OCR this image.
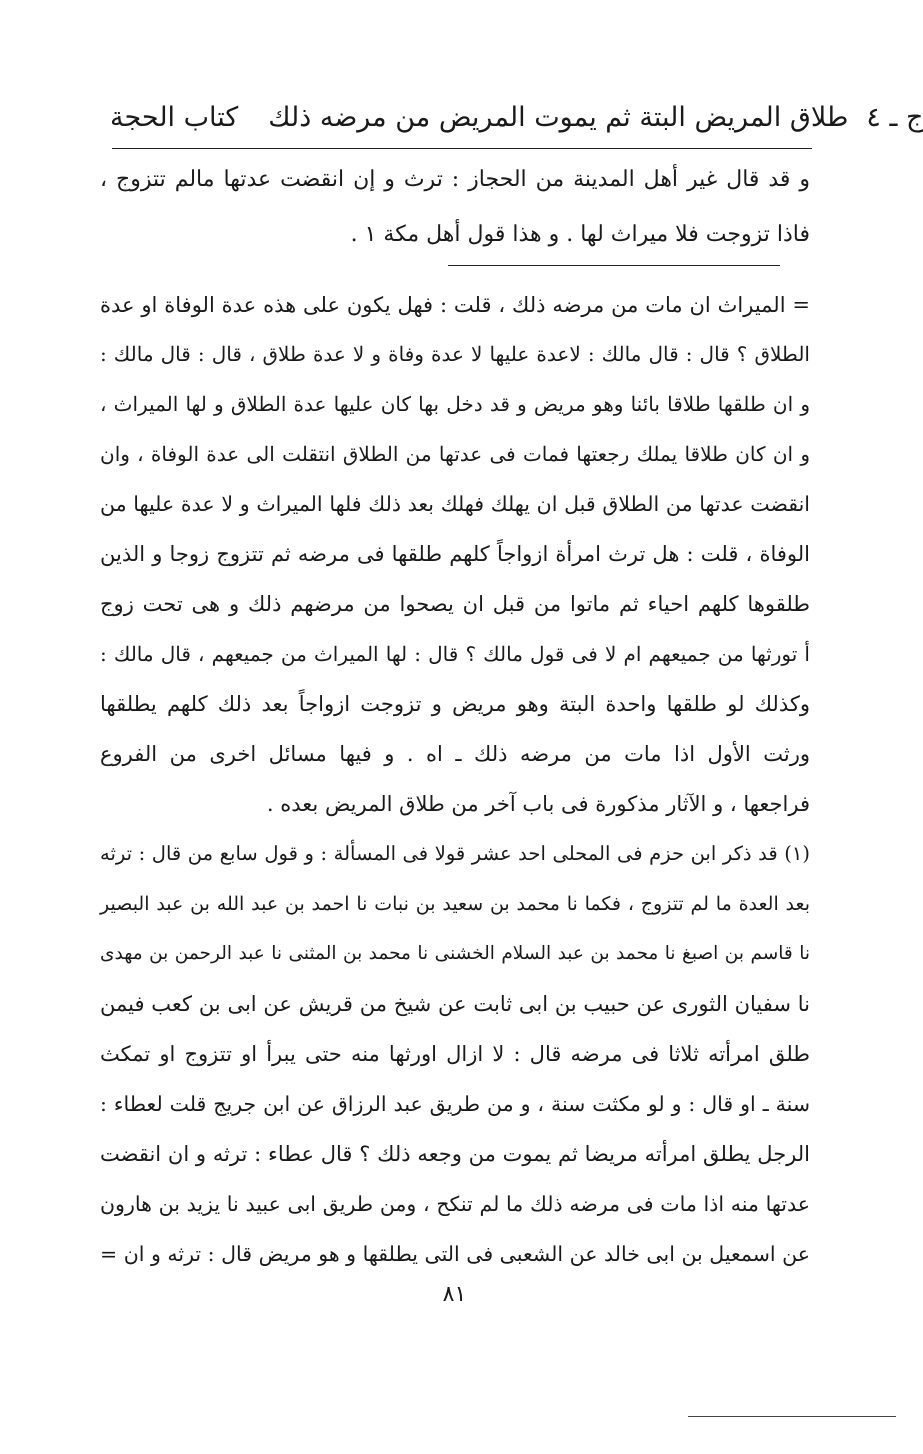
كتاب الحجة طلاق المريض البتة ثم يموت المريض من مرضه ذلك ج ـ ٤
و قد قال غير أهل المدينة من الحجاز : ترث و إن انقضت عدتها مالم تتزوج ،
فاذا تزوجت فلا ميراث لها . و هذا قول أهل مكة ١ .
= الميراث ان مات من مرضه ذلك ، قلت : فهل يكون على هذه عدة الوفاة او عدة
الطلاق ؟ قال : قال مالك : لاعدة عليها لا عدة وفاة و لا عدة طلاق ، قال : قال مالك :
و ان طلقها طلاقا بائنا وهو مريض و قد دخل بها كان عليها عدة الطلاق و لها الميراث ،
و ان كان طلاقا يملك رجعتها فمات فى عدتها من الطلاق انتقلت الى عدة الوفاة ، وان
انقضت عدتها من الطلاق قبل ان يهلك فهلك بعد ذلك فلها الميراث و لا عدة عليها من
الوفاة ، قلت : هل ترث امرأة ازواجاً كلهم طلقها فى مرضه ثم تتزوج زوجا و الذين
طلقوها كلهم احياء ثم ماتوا من قبل ان يصحوا من مرضهم ذلك و هى تحت زوج
أ تورثها من جميعهم ام لا فى قول مالك ؟ قال : لها الميراث من جميعهم ، قال مالك :
وكذلك لو طلقها واحدة البتة وهو مريض و تزوجت ازواجاً بعد ذلك كلهم يطلقها
ورثت الأول اذا مات من مرضه ذلك ـ اه . و فيها مسائل اخرى من الفروع
فراجعها ، و الآثار مذكورة فى باب آخر من طلاق المريض بعده .
(١) قد ذكر ابن حزم فى المحلى احد عشر قولا فى المسألة : و قول سابع من قال : ترثه
بعد العدة ما لم تتزوج ، فكما نا محمد بن سعيد بن نبات نا احمد بن عبد الله بن عبد البصير
نا قاسم بن اصبغ نا محمد بن عبد السلام الخشنى نا محمد بن المثنى نا عبد الرحمن بن مهدى
نا سفيان الثورى عن حبيب بن ابى ثابت عن شيخ من قريش عن ابى بن كعب فيمن
طلق امرأته ثلاثا فى مرضه قال : لا ازال اورثها منه حتى يبرأ او تتزوج او تمكث
سنة ـ او قال : و لو مكثت سنة ، و من طريق عبد الرزاق عن ابن جريج قلت لعطاء :
الرجل يطلق امرأته مريضا ثم يموت من وجعه ذلك ؟ قال عطاء : ترثه و ان انقضت
عدتها منه اذا مات فى مرضه ذلك ما لم تنكح ، ومن طريق ابى عبيد نا يزيد بن هارون
عن اسمعيل بن ابى خالد عن الشعبى فى التى يطلقها و هو مريض قال : ترثه و ان =
٨١
